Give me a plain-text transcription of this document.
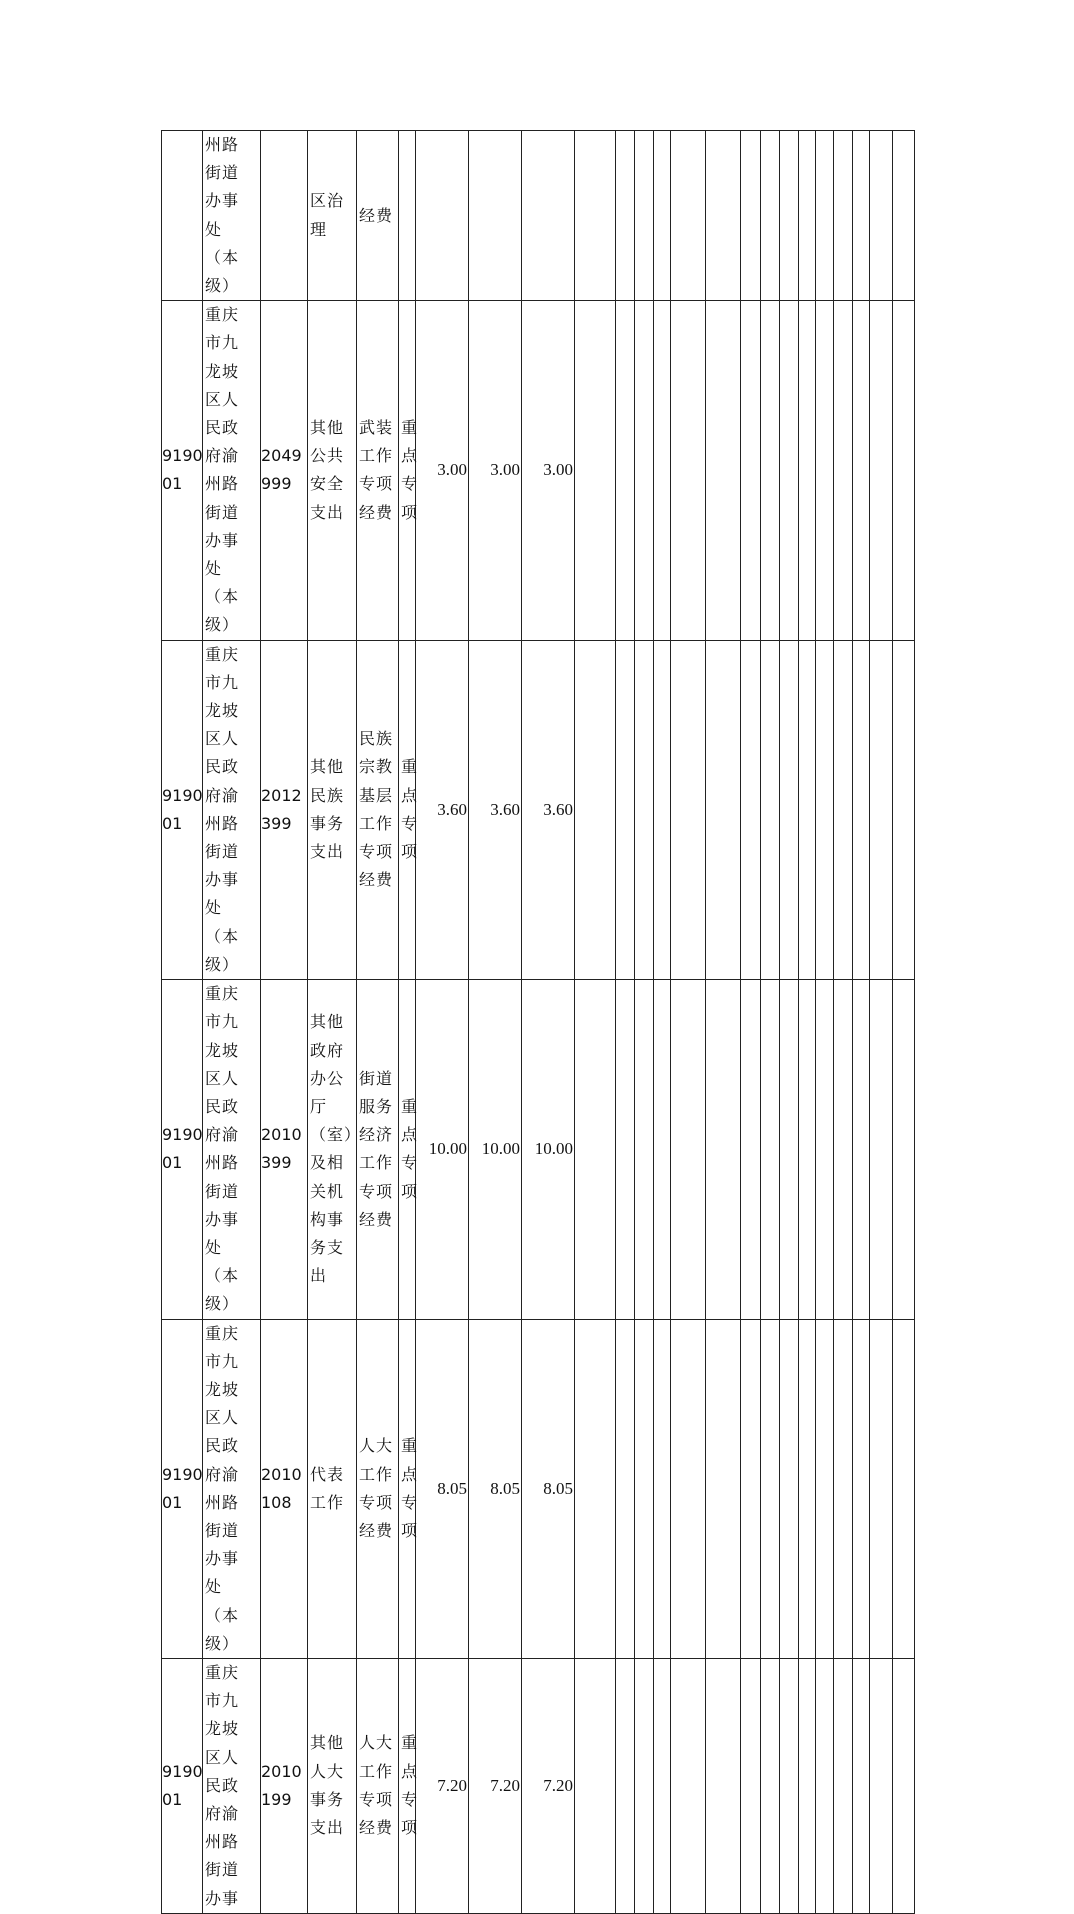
	州路街道办事处（本级）		区治理	经费																			

919001	重庆市九龙坡区人民政府渝州路街道办事处（本级）	2049999	其他公共安全支出	武装工作专项经费	重点专项	3.00	3.00	3.00															

919001	重庆市九龙坡区人民政府渝州路街道办事处（本级）	2012399	其他民族事务支出	民族宗教基层工作专项经费	重点专项	3.60	3.60	3.60															

919001	重庆市九龙坡区人民政府渝州路街道办事处（本级）	2010399	其他政府办公厅（室）及相关机构事务支出	街道服务经济工作专项经费	重点专项	10.00	10.00	10.00															

919001	重庆市九龙坡区人民政府渝州路街道办事处（本级）	2010108	代表工作	人大工作专项经费	重点专项	8.05	8.05	8.05															

919001	重庆市九龙坡区人民政府渝州路街道办事	2010199	其他人大事务支出	人大工作专项经费	重点专项	7.20	7.20	7.20															
